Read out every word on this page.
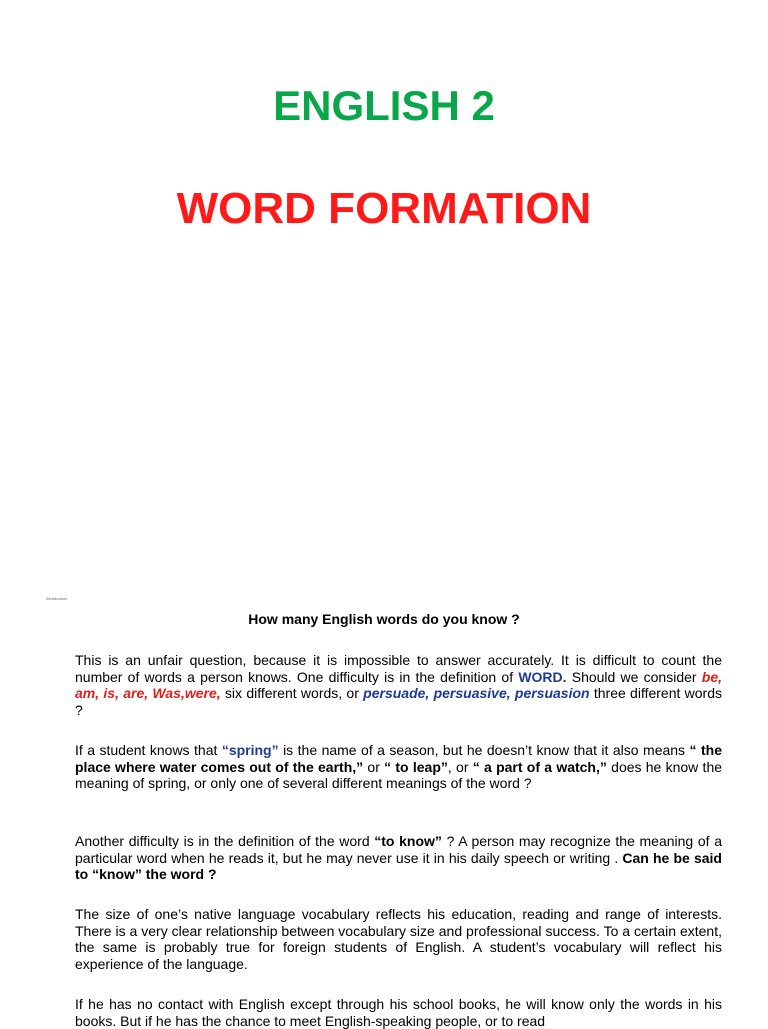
ENGLISH 2
WORD FORMATION
Introduction
How many English words do you know ?

This is an unfair question, because it is impossible to answer accurately. It is difficult to count the number of words a person knows. One difficulty is in the definition of WORD. Should we consider be, am, is, are, Was,were, six different words, or persuade, persuasive, persuasion three different words ?

If a student knows that “spring” is the name of a season, but he doesn’t know that it also means “ the place where water comes out of the earth,” or “ to leap”, or “ a part of a watch,” does he know the meaning of spring, or only one of several different meanings of the word ?

Another difficulty is in the definition of the word “to know” ? A person may recognize the meaning of a particular word when he reads it, but he may never use it in his daily speech or writing . Can he be said to “know” the word ?

The size of one’s native language vocabulary reflects his education, reading and range of interests. There is a very clear relationship between vocabulary size and professional success. To a certain extent, the same is probably true for foreign students of English. A student’s vocabulary will reflect his experience of the language.

If he has no contact with English except through his school books, he will know only the words in his books. But if he has the chance to meet English-speaking people, or to read
